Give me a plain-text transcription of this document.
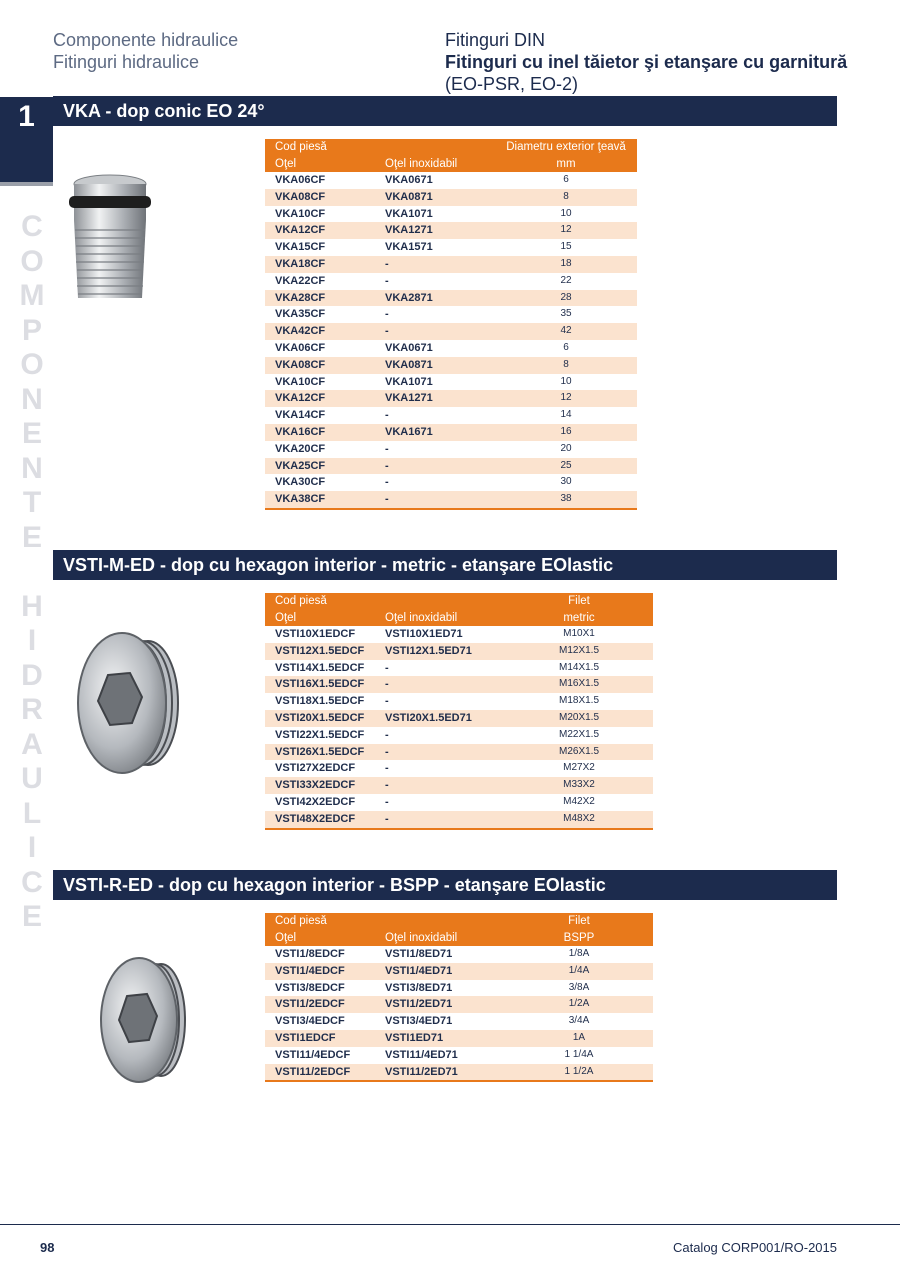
Componente hidraulice
Fitinguri hidraulice
Fitinguri DIN
Fitinguri cu inel tăietor şi etanşare cu garnitură
(EO-PSR, EO-2)
1
C
O
M
P
O
N
E
N
T
E

H
I
D
R
A
U
L
I
C
E
VKA - dop conic EO 24°
VSTI-M-ED - dop cu hexagon interior - metric - etanşare EOlastic
VSTI-R-ED - dop cu hexagon interior - BSPP - etanşare EOlastic
Cod piesă		Diametru exterior ţeavă
Oţel	Oţel inoxidabil	mm
VKA06CF	VKA0671	6
VKA08CF	VKA0871	8
VKA10CF	VKA1071	10
VKA12CF	VKA1271	12
VKA15CF	VKA1571	15
VKA18CF	-	18
VKA22CF	-	22
VKA28CF	VKA2871	28
VKA35CF	-	35
VKA42CF	-	42
VKA06CF	VKA0671	6
VKA08CF	VKA0871	8
VKA10CF	VKA1071	10
VKA12CF	VKA1271	12
VKA14CF	-	14
VKA16CF	VKA1671	16
VKA20CF	-	20
VKA25CF	-	25
VKA30CF	-	30
VKA38CF	-	38
Cod piesă		Filet
Oţel	Oţel inoxidabil	metric
VSTI10X1EDCF	VSTI10X1ED71	M10X1
VSTI12X1.5EDCF	VSTI12X1.5ED71	M12X1.5
VSTI14X1.5EDCF	-	M14X1.5
VSTI16X1.5EDCF	-	M16X1.5
VSTI18X1.5EDCF	-	M18X1.5
VSTI20X1.5EDCF	VSTI20X1.5ED71	M20X1.5
VSTI22X1.5EDCF	-	M22X1.5
VSTI26X1.5EDCF	-	M26X1.5
VSTI27X2EDCF	-	M27X2
VSTI33X2EDCF	-	M33X2
VSTI42X2EDCF	-	M42X2
VSTI48X2EDCF	-	M48X2
Cod piesă		Filet
Oţel	Oţel inoxidabil	BSPP
VSTI1/8EDCF	VSTI1/8ED71	1/8A
VSTI1/4EDCF	VSTI1/4ED71	1/4A
VSTI3/8EDCF	VSTI3/8ED71	3/8A
VSTI1/2EDCF	VSTI1/2ED71	1/2A
VSTI3/4EDCF	VSTI3/4ED71	3/4A
VSTI1EDCF	VSTI1ED71	1A
VSTI11/4EDCF	VSTI11/4ED71	1 1/4A
VSTI11/2EDCF	VSTI11/2ED71	1 1/2A
98	Catalog CORP001/RO-2015
